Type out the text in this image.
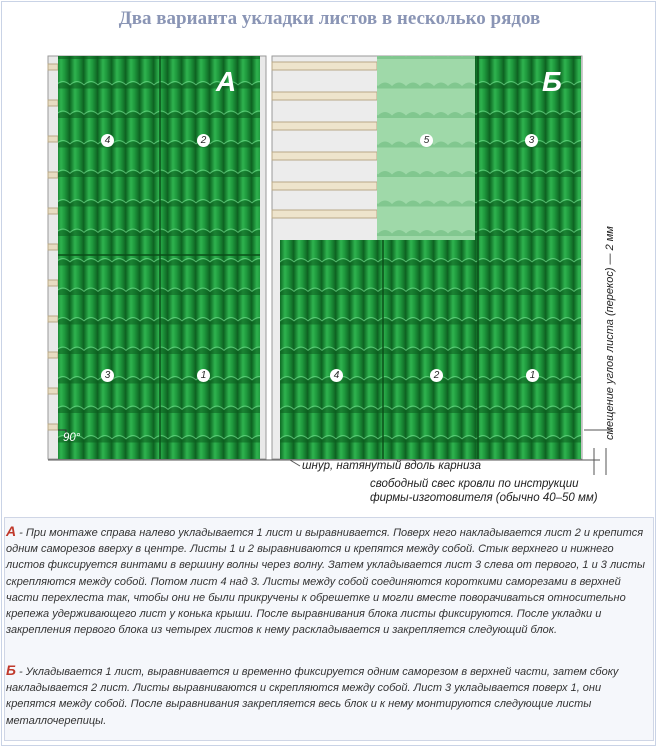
Два варианта укладки листов в несколько рядов
А	Б
4	2
3	1
5	3
4	2	1
90°	смещение углов листа (перекос) — 2 мм
шнур, натянутый вдоль карниза
свободный свес кровли по инструкции
фирмы-изготовителя (обычно 40–50 мм)
А - При монтаже справа налево укладывается 1 лист и выравнивается. Поверх него накладывается лист 2 и крепится одним саморезов вверху в центре. Листы 1 и 2 выравниваются и крепятся между собой. Стык верхнего и нижнего листов фиксируется винтами в вершину волны через волну. Затем укладывается лист 3 слева от первого, 1 и 3 листы скрепляются между собой. Потом лист 4 над 3. Листы между собой соединяются короткими саморезами в верхней части перехлеста так, чтобы они не были прикручены к обрешетке и могли вместе поворачиваться относительно крепежа удерживающего лист у конька крыши. После выравнивания блока листы фиксируются. После укладки и закрепления первого блока из четырех листов к нему раскладывается и закрепляется следующий блок.
Б - Укладывается 1 лист, выравнивается и временно фиксируется одним саморезом в верхней части, затем сбоку накладывается 2 лист. Листы выравниваются и скрепляются между собой. Лист 3 укладывается поверх 1, они крепятся между собой. После выравнивания закрепляется весь блок и к нему монтируются следующие листы металлочерепицы.
